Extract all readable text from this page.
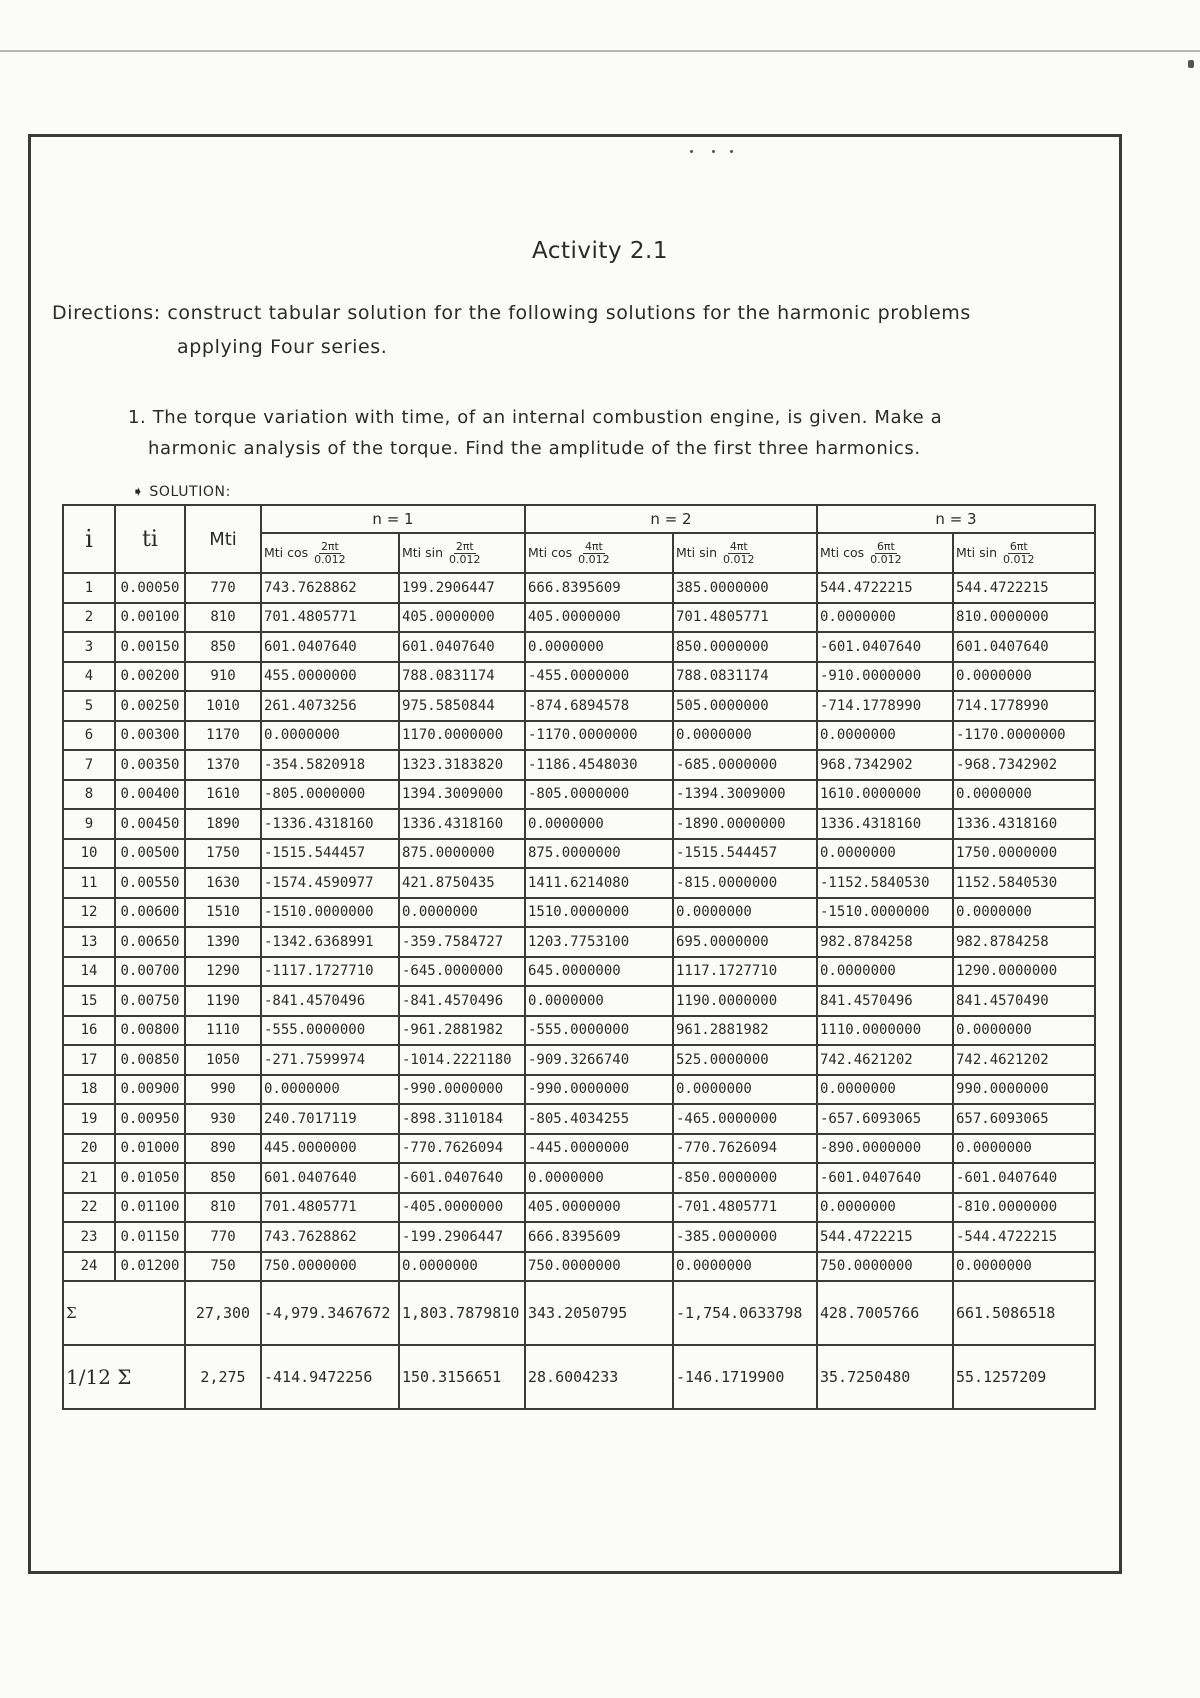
Activity 2.1
Directions: construct tabular solution for the following solutions for the harmonic problems
applying Four series.
1. The torque variation with time, of an internal combustion engine, is given. Make a
harmonic analysis of the torque. Find the amplitude of the first three harmonics.
➧ SOLUTION:
i	ti	Mti	n = 1		n = 2		n = 3	
			Mti $\cos \frac{2\pi t}{0.012}$	Mti $\sin \frac{2\pi t}{0.012}$	Mti $\cos \frac{4\pi t}{0.012}$	Mti $\sin \frac{4\pi t}{0.012}$	Mti $\cos \frac{6\pi t}{0.012}$	Mti $\sin \frac{6\pi t}{0.012}$

1	0.00050	770	743.7628862	199.2906447	666.8395609	385.0000000	544.4722215	544.4722215
2	0.00100	810	701.4805771	405.0000000	405.0000000	701.4805771	0.0000000	810.0000000
3	0.00150	850	601.0407640	601.0407640	0.0000000	850.0000000	-601.0407640	601.0407640
4	0.00200	910	455.0000000	788.0831174	-455.0000000	788.0831174	-910.0000000	0.0000000
5	0.00250	1010	261.4073256	975.5850844	-874.6894578	505.0000000	-714.1778990	714.1778990
6	0.00300	1170	0.0000000	1170.0000000	-1170.0000000	0.0000000	0.0000000	-1170.0000000
7	0.00350	1370	-354.5820918	1323.3183820	-1186.4548030	-685.0000000	968.7342902	-968.7342902
8	0.00400	1610	-805.0000000	1394.3009000	-805.0000000	-1394.3009000	1610.0000000	0.0000000
9	0.00450	1890	-1336.4318160	1336.4318160	0.0000000	-1890.0000000	1336.4318160	1336.4318160
10	0.00500	1750	-1515.544457	875.0000000	875.0000000	-1515.544457	0.0000000	1750.0000000
11	0.00550	1630	-1574.4590977	421.8750435	1411.6214080	-815.0000000	-1152.5840530	1152.5840530
12	0.00600	1510	-1510.0000000	0.0000000	1510.0000000	0.0000000	-1510.0000000	0.0000000
13	0.00650	1390	-1342.6368991	-359.7584727	1203.7753100	695.0000000	982.8784258	982.8784258
14	0.00700	1290	-1117.1727710	-645.0000000	645.0000000	1117.1727710	0.0000000	1290.0000000
15	0.00750	1190	-841.4570496	-841.4570496	0.0000000	1190.0000000	841.4570496	841.4570490
16	0.00800	1110	-555.0000000	-961.2881982	-555.0000000	961.2881982	1110.0000000	0.0000000
17	0.00850	1050	-271.7599974	-1014.2221180	-909.3266740	525.0000000	742.4621202	742.4621202
18	0.00900	990	0.0000000	-990.0000000	-990.0000000	0.0000000	0.0000000	990.0000000
19	0.00950	930	240.7017119	-898.3110184	-805.4034255	-465.0000000	-657.6093065	657.6093065
20	0.01000	890	445.0000000	-770.7626094	-445.0000000	-770.7626094	-890.0000000	0.0000000
21	0.01050	850	601.0407640	-601.0407640	0.0000000	-850.0000000	-601.0407640	-601.0407640
22	0.01100	810	701.4805771	-405.0000000	405.0000000	-701.4805771	0.0000000	-810.0000000
23	0.01150	770	743.7628862	-199.2906447	666.8395609	-385.0000000	544.4722215	-544.4722215
24	0.01200	750	750.0000000	0.0000000	750.0000000	0.0000000	750.0000000	0.0000000
Σ		27,300	-4,979.3467672	1,803.7879810	343.2050795	-1,754.0633798	428.7005766	661.5086518
1/12 Σ		2,275	-414.9472256	150.3156651	28.6004233	-146.1719900	35.7250480	55.1257209
